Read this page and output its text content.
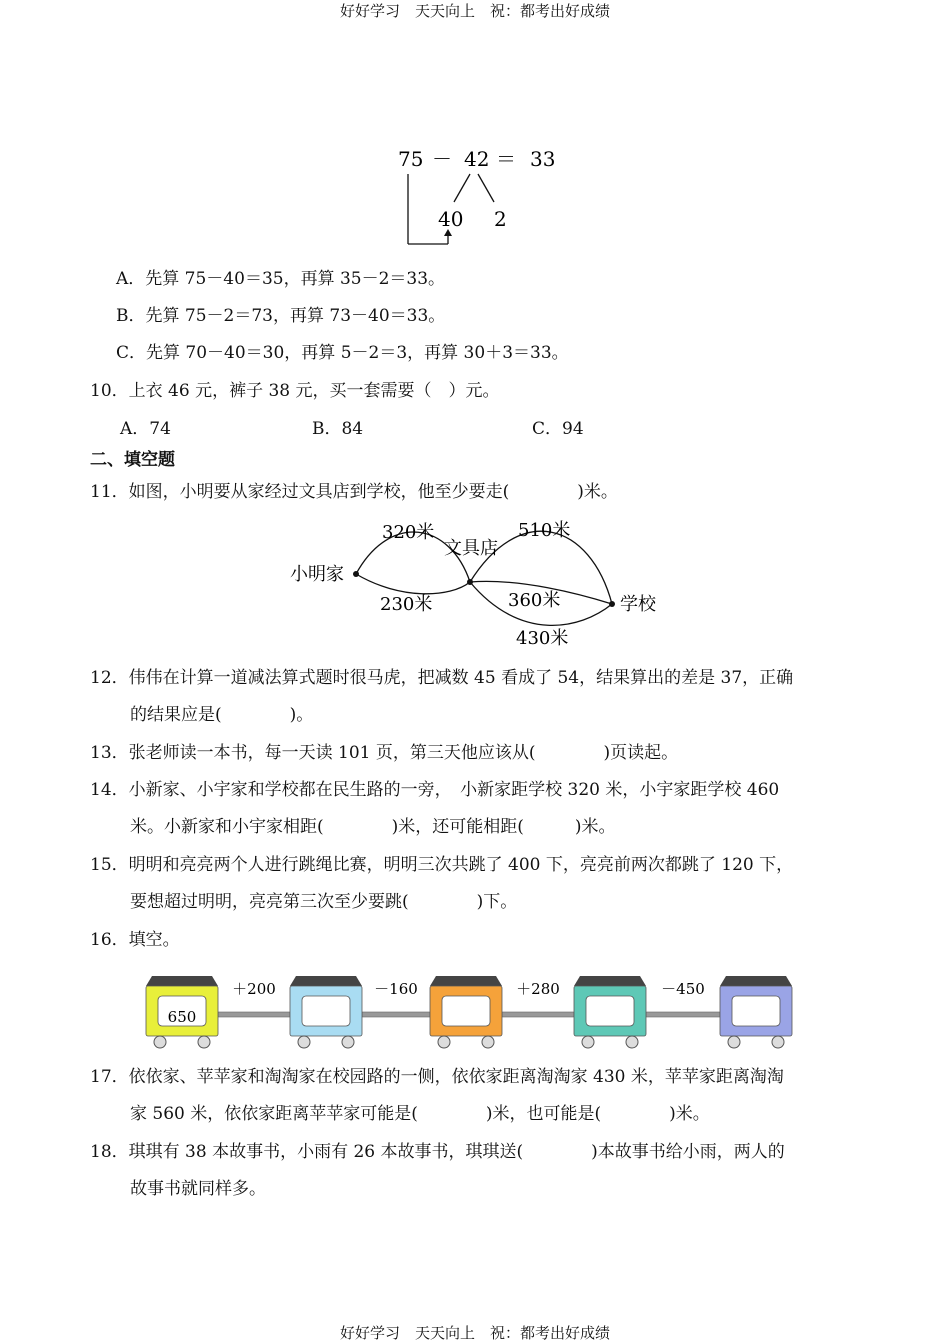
好好学习　天天向上　祝：都考出好成绩
75 － 42 ＝ 33
40 2
A．先算 75－40＝35，再算 35－2＝33。
B．先算 75－2＝73，再算 73－40＝33。
C．先算 70－40＝30，再算 5－2＝3，再算 30＋3＝33。
10．上衣 46 元，裤子 38 元，买一套需要（　）元。
A．74	B．84	C．94
二、填空题
11．如图，小明要从家经过文具店到学校，他至少要走(　　　　)米。
小明家
文具店
学校
320米
230米
510米
360米
430米
12．伟伟在计算一道减法算式题时很马虎，把减数 45 看成了 54，结果算出的差是 37，正确
的结果应是(　　　　)。
13．张老师读一本书，每一天读 101 页，第三天他应该从(　　　　)页读起。
14．小新家、小宇家和学校都在民生路的一旁，　小新家距学校 320 米，小宇家距学校 460
米。小新家和小宇家相距(　　　　)米，还可能相距(　　　)米。
15．明明和亮亮两个人进行跳绳比赛，明明三次共跳了 400 下，亮亮前两次都跳了 120 下，
要想超过明明，亮亮第三次至少要跳(　　　　)下。
16．填空。
＋200	－160	＋280	－450
650
17．依依家、苹苹家和淘淘家在校园路的一侧，依依家距离淘淘家 430 米，苹苹家距离淘淘
家 560 米，依依家距离苹苹家可能是(　　　　)米，也可能是(　　　　)米。
18．琪琪有 38 本故事书，小雨有 26 本故事书，琪琪送(　　　　)本故事书给小雨，两人的
故事书就同样多。
好好学习　天天向上　祝：都考出好成绩
